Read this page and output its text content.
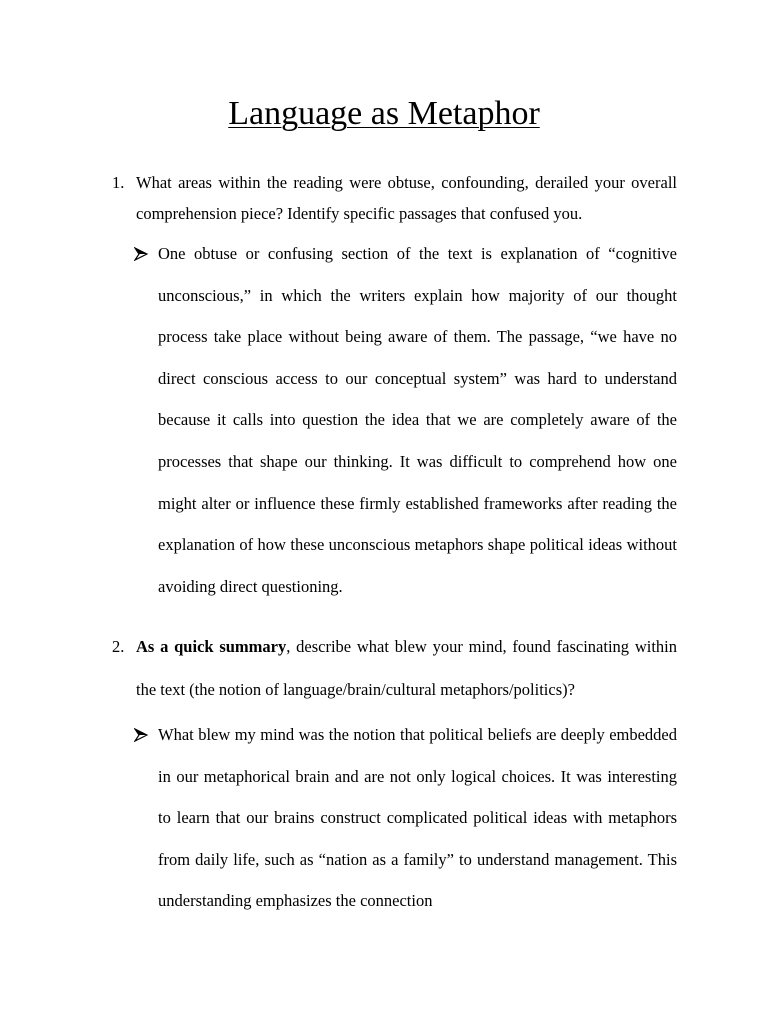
Language as Metaphor
1. What areas within the reading were obtuse, confounding, derailed your overall comprehension piece? Identify specific passages that confused you.

One obtuse or confusing section of the text is explanation of “cognitive unconscious,” in which the writers explain how majority of our thought process take place without being aware of them. The passage, “we have no direct conscious access to our conceptual system” was hard to understand because it calls into question the idea that we are completely aware of the processes that shape our thinking. It was difficult to comprehend how one might alter or influence these firmly established frameworks after reading the explanation of how these unconscious metaphors shape political ideas without avoiding direct questioning.

2. As a quick summary, describe what blew your mind, found fascinating within the text (the notion of language/brain/cultural metaphors/politics)?

What blew my mind was the notion that political beliefs are deeply embedded in our metaphorical brain and are not only logical choices. It was interesting to learn that our brains construct complicated political ideas with metaphors from daily life, such as “nation as a family” to understand management. This understanding emphasizes the connection
